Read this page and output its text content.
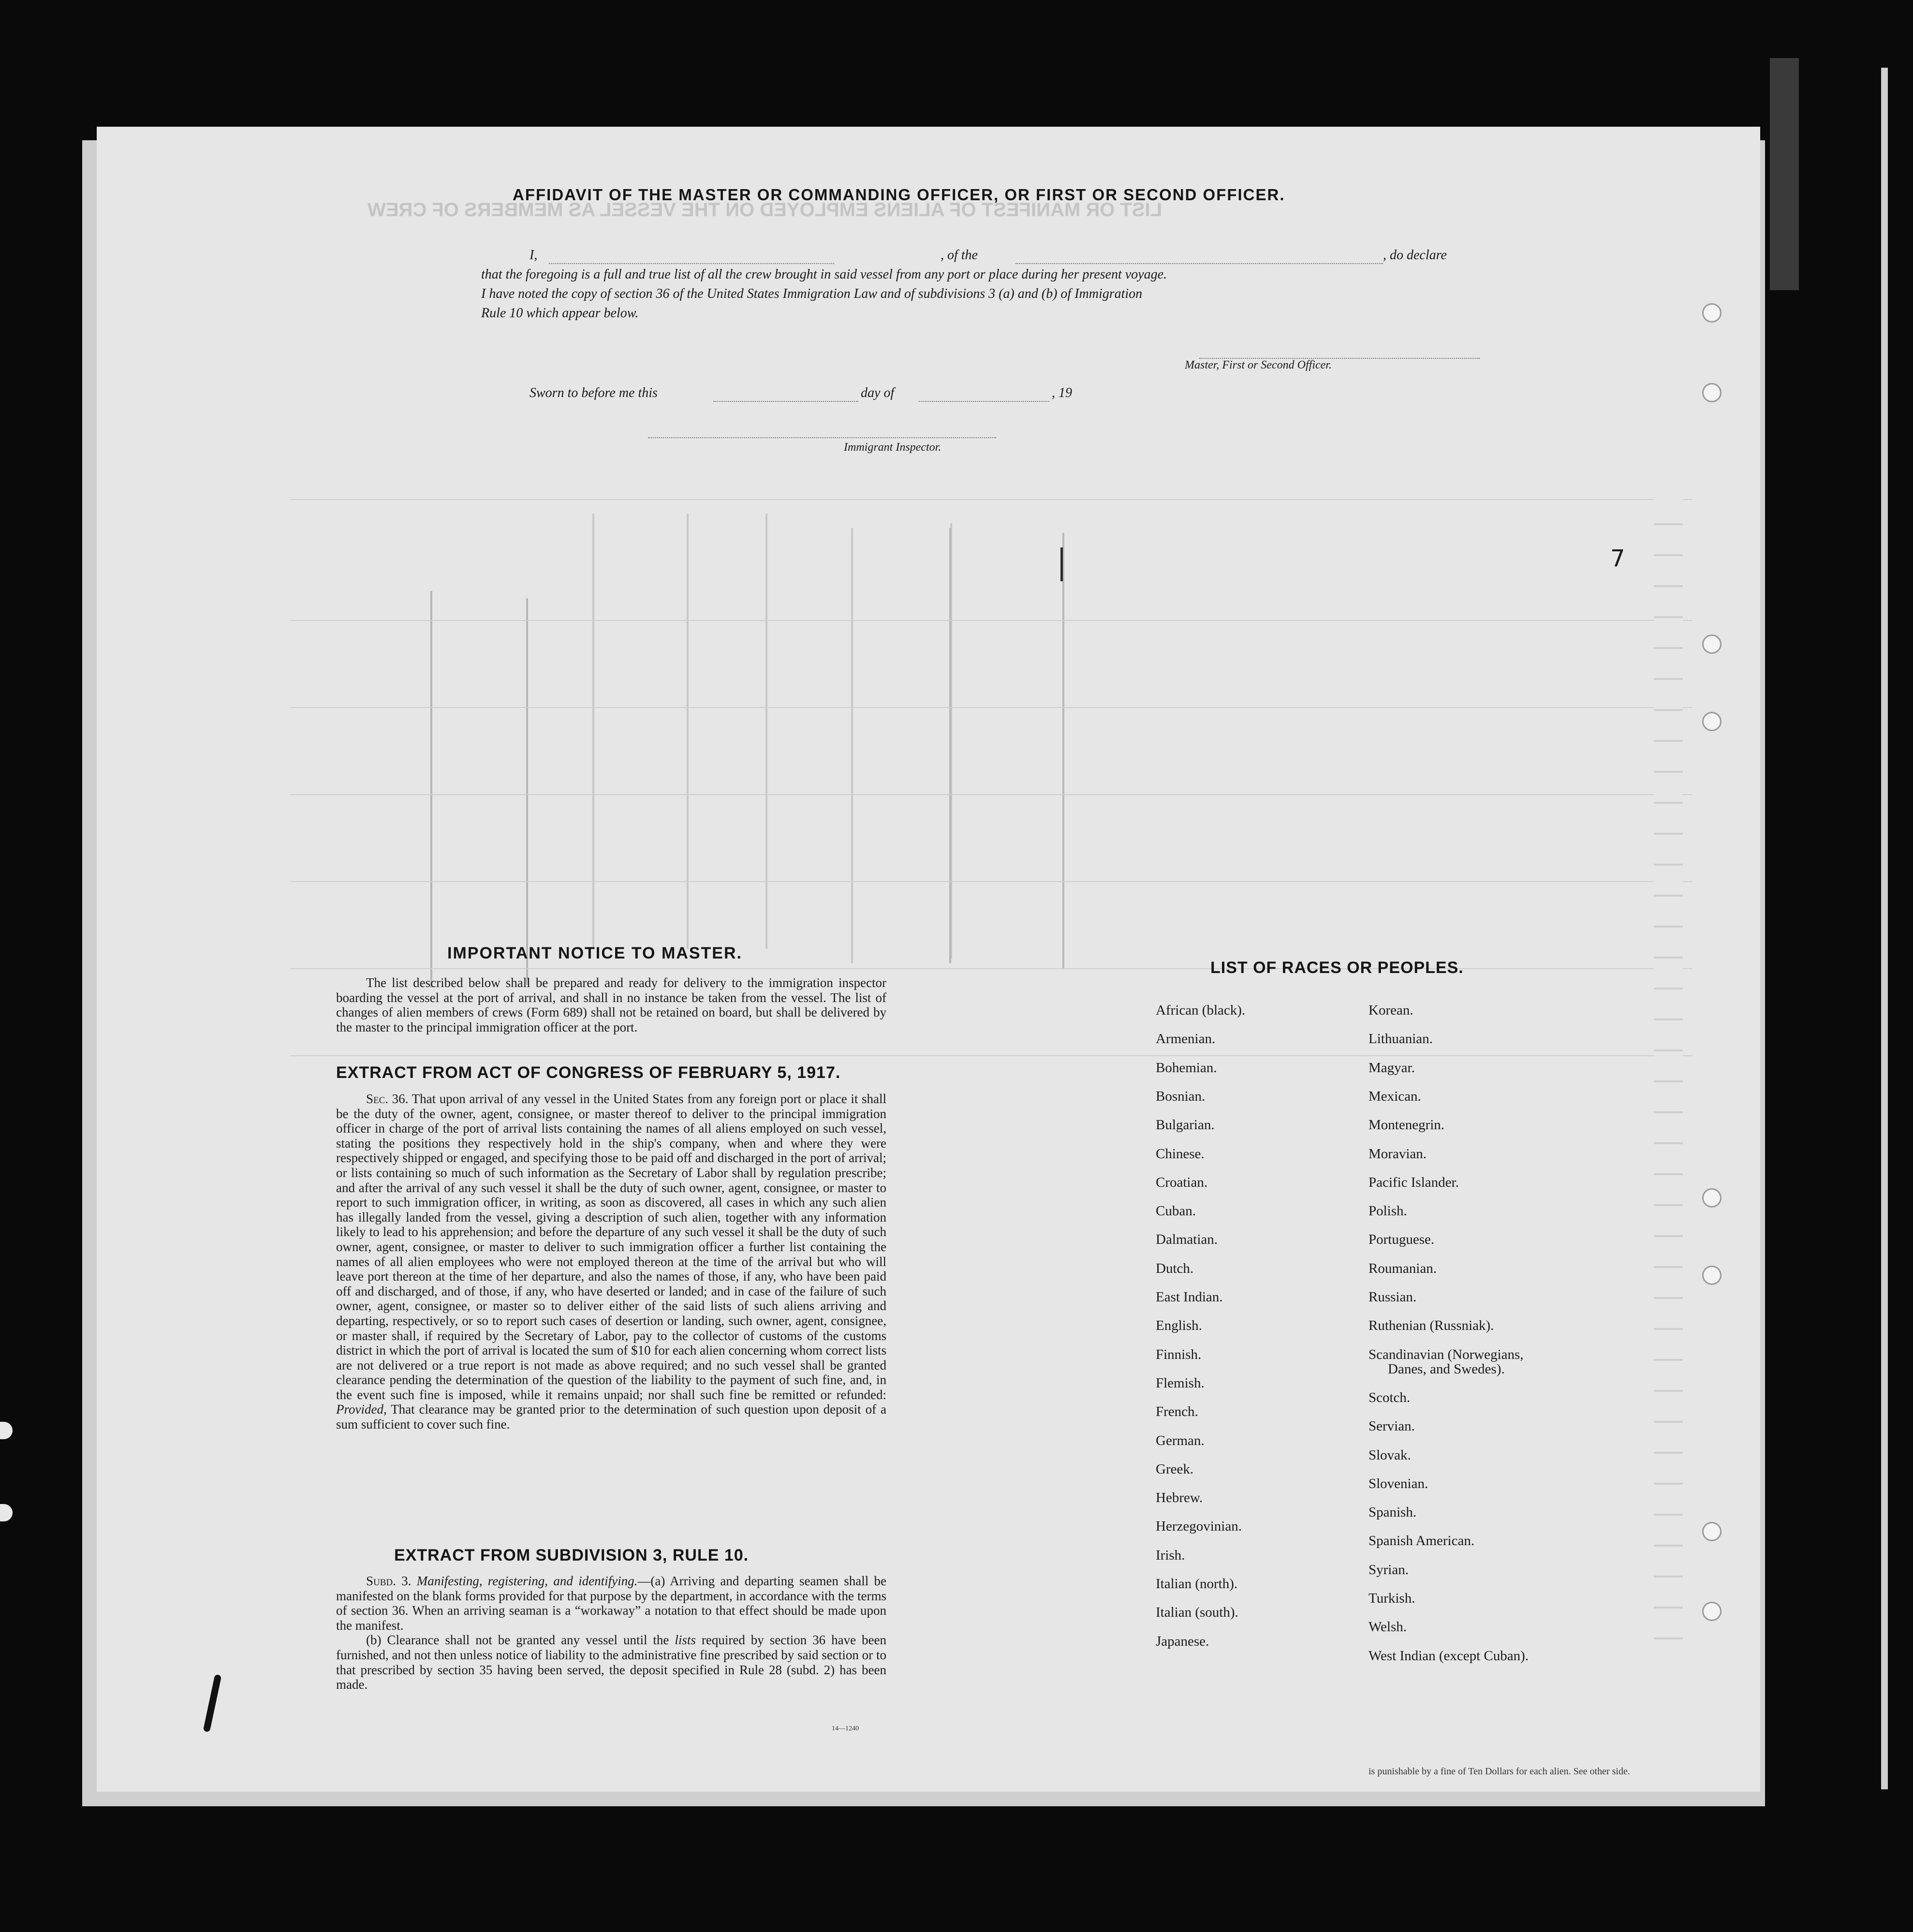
LIST OR MANIFEST OF ALIENS EMPLOYED ON THE VESSEL AS MEMBERS OF CREW
AFFIDAVIT OF THE MASTER OR COMMANDING OFFICER, OR FIRST OR SECOND OFFICER.
I,	, of the	, do declare
that the foregoing is a full and true list of all the crew brought in said vessel from any port or place during her present voyage.
I have noted the copy of section 36 of the United States Immigration Law and of subdivisions 3 (a) and (b) of Immigration
Rule 10 which appear below.
Master, First or Second Officer.
Sworn to before me this	day of	, 19
Immigrant Inspector.
7
IMPORTANT NOTICE TO MASTER.

The list described below shall be prepared and ready for delivery to the immigration inspector boarding the vessel at the port of arrival, and shall in no instance be taken from the vessel. The list of changes of alien members of crews (Form 689) shall not be retained on board, but shall be delivered by the master to the principal immigration officer at the port.

EXTRACT FROM ACT OF CONGRESS OF FEBRUARY 5, 1917.

Sec. 36. That upon arrival of any vessel in the United States from any foreign port or place it shall be the duty of the owner, agent, consignee, or master thereof to deliver to the principal immigration officer in charge of the port of arrival lists containing the names of all aliens employed on such vessel, stating the positions they respectively hold in the ship's company, when and where they were respectively shipped or engaged, and specifying those to be paid off and discharged in the port of arrival; or lists containing so much of such information as the Secretary of Labor shall by regulation prescribe; and after the arrival of any such vessel it shall be the duty of such owner, agent, consignee, or master to report to such immigration officer, in writing, as soon as discovered, all cases in which any such alien has illegally landed from the vessel, giving a description of such alien, together with any information likely to lead to his apprehension; and before the departure of any such vessel it shall be the duty of such owner, agent, consignee, or master to deliver to such immigration officer a further list containing the names of all alien employees who were not employed thereon at the time of the arrival but who will leave port thereon at the time of her departure, and also the names of those, if any, who have been paid off and discharged, and of those, if any, who have deserted or landed; and in case of the failure of such owner, agent, consignee, or master so to deliver either of the said lists of such aliens arriving and departing, respectively, or so to report such cases of desertion or landing, such owner, agent, consignee, or master shall, if required by the Secretary of Labor, pay to the collector of customs of the customs district in which the port of arrival is located the sum of $10 for each alien concerning whom correct lists are not delivered or a true report is not made as above required; and no such vessel shall be granted clearance pending the determination of the question of the liability to the payment of such fine, and, in the event such fine is imposed, while it remains unpaid; nor shall such fine be remitted or refunded: Provided, That clearance may be granted prior to the determination of such question upon deposit of a sum sufficient to cover such fine.

EXTRACT FROM SUBDIVISION 3, RULE 10.

Subd. 3. Manifesting, registering, and identifying.—(a) Arriving and departing seamen shall be manifested on the blank forms provided for that purpose by the department, in accordance with the terms of section 36. When an arriving seaman is a “workaway” a notation to that effect should be made upon the manifest.

(b) Clearance shall not be granted any vessel until the lists required by section 36 have been furnished, and not then unless notice of liability to the administrative fine prescribed by said section or to that prescribed by section 35 having been served, the deposit specified in Rule 28 (subd. 2) has been made.

14—1240
LIST OF RACES OR PEOPLES.
African (black).
Armenian.
Bohemian.
Bosnian.
Bulgarian.
Chinese.
Croatian.
Cuban.
Dalmatian.
Dutch.
East Indian.
English.
Finnish.
Flemish.
French.
German.
Greek.
Hebrew.
Herzegovinian.
Irish.
Italian (north).
Italian (south).
Japanese.
Korean.
Lithuanian.
Magyar.
Mexican.
Montenegrin.
Moravian.
Pacific Islander.
Polish.
Portuguese.
Roumanian.
Russian.
Ruthenian (Russniak).
Scandinavian (Norwegians,
Danes, and Swedes).
Scotch.
Servian.
Slovak.
Slovenian.
Spanish.
Spanish American.
Syrian.
Turkish.
Welsh.
West Indian (except Cuban).
is punishable by a fine of Ten Dollars for each alien. See other side.
